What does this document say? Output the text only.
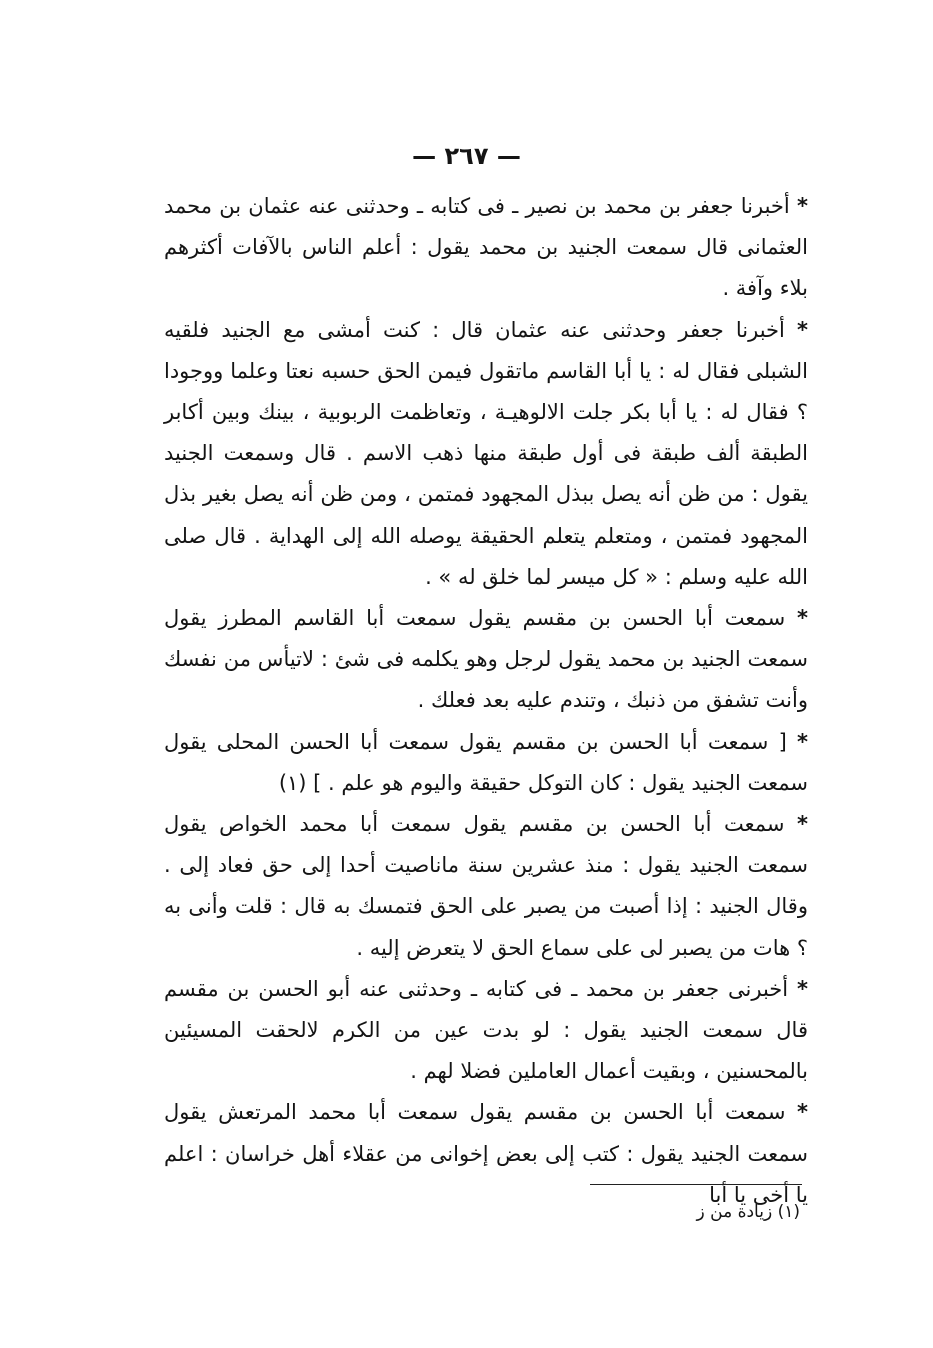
— ٢٦٧ —

* أخبرنا جعفر بن محمد بن نصير ـ فى كتابه ـ وحدثنى عنه عثمان بن محمد العثمانى قال سمعت الجنيد بن محمد يقول : أعلم الناس بالآفات أكثرهم بلاء وآفة .

* أخبرنا جعفر وحدثنى عنه عثمان قال : كنت أمشى مع الجنيد فلقيه الشبلى فقال له : يا أبا القاسم ماتقول فيمن الحق حسبه نعتا وعلما ووجودا ؟ فقال له : يا أبا بكر جلت الالوهيـة ، وتعاظمت الربوبية ، بينك وبين أكابر الطبقة ألف طبقة فى أول طبقة منها ذهب الاسم . قال وسمعت الجنيد يقول : من ظن أنه يصل ببذل المجهود فمتمن ، ومن ظن أنه يصل بغير بذل المجهود فمتمن ، ومتعلم يتعلم الحقيقة يوصله الله إلى الهداية . قال صلى الله عليه وسلم : « كل ميسر لما خلق له » .

* سمعت أبا الحسن بن مقسم يقول سمعت أبا القاسم المطرز يقول سمعت الجنيد بن محمد يقول لرجل وهو يكلمه فى شئ : لاتيأس من نفسك وأنت تشفق من ذنبك ، وتندم عليه بعد فعلك .

* [ سمعت أبا الحسن بن مقسم يقول سمعت أبا الحسن المحلى يقول سمعت الجنيد يقول : كان التوكل حقيقة واليوم هو علم . ] (١)

* سمعت أبا الحسن بن مقسم يقول سمعت أبا محمد الخواص يقول سمعت الجنيد يقول : منذ عشرين سنة ماناصيت أحدا إلى حق فعاد إلى . وقال الجنيد : إذا أصبت من يصبر على الحق فتمسك به قال : قلت وأنى به ؟ هات من يصبر لى على سماع الحق لا يتعرض إليه .

* أخبرنى جعفر بن محمد ـ فى كتابه ـ وحدثنى عنه أبو الحسن بن مقسم قال سمعت الجنيد يقول : لو بدت عين من الكرم لالحقت المسيئين بالمحسنين ، وبقيت أعمال العاملين فضلا لهم .

* سمعت أبا الحسن بن مقسم يقول سمعت أبا محمد المرتعش يقول سمعت الجنيد يقول : كتب إلى بعض إخوانى من عقلاء أهل خراسان : اعلم يا أخى يا أبا

(١) زيادة من ز
